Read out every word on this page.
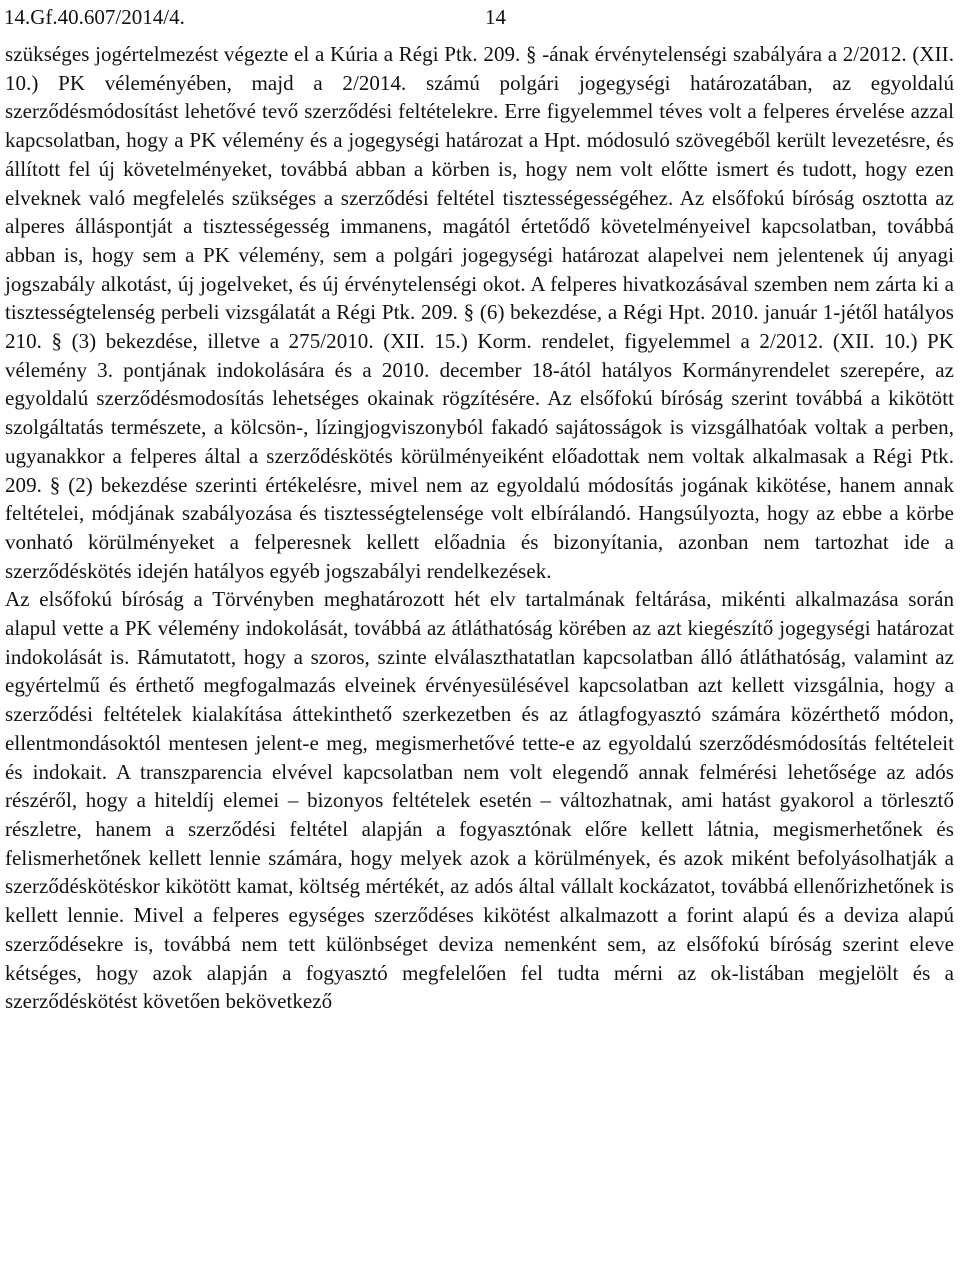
14.Gf.40.607/2014/4.	14

szükséges jogértelmezést végezte el a Kúria a Régi Ptk. 209. § -ának érvénytelenségi szabályára a 2/2012. (XII. 10.) PK véleményében, majd a 2/2014. számú polgári jogegységi határozatában, az egyoldalú szerződésmódosítást lehetővé tevő szerződési feltételekre. Erre figyelemmel téves volt a felperes érvelése azzal kapcsolatban, hogy a PK vélemény és a jogegységi határozat a Hpt. módosuló szövegéből került levezetésre, és állított fel új követelményeket, továbbá abban a körben is, hogy nem volt előtte ismert és tudott, hogy ezen elveknek való megfelelés szükséges a szerződési feltétel tisztességességéhez. Az elsőfokú bíróság osztotta az alperes álláspontját a tisztességesség immanens, magától értetődő követelményeivel kapcsolatban, továbbá abban is, hogy sem a PK vélemény, sem a polgári jogegységi határozat alapelvei nem jelentenek új anyagi jogszabály alkotást, új jogelveket, és új érvénytelenségi okot. A felperes hivatkozásával szemben nem zárta ki a tisztességtelenség perbeli vizsgálatát a Régi Ptk. 209. § (6) bekezdése, a Régi Hpt. 2010. január 1-jétől hatályos 210. § (3) bekezdése, illetve a 275/2010. (XII. 15.) Korm. rendelet, figyelemmel a 2/2012. (XII. 10.) PK vélemény 3. pontjának indokolására és a 2010. december 18-ától hatályos Kormányrendelet szerepére, az egyoldalú szerződésmodosítás lehetséges okainak rögzítésére. Az elsőfokú bíróság szerint továbbá a kikötött szolgáltatás természete, a kölcsön-, lízingjogviszonyból fakadó sajátosságok is vizsgálhatóak voltak a perben, ugyanakkor a felperes által a szerződéskötés körülményeiként előadottak nem voltak alkalmasak a Régi Ptk. 209. § (2) bekezdése szerinti értékelésre, mivel nem az egyoldalú módosítás jogának kikötése, hanem annak feltételei, módjának szabályozása és tisztességtelensége volt elbírálandó. Hangsúlyozta, hogy az ebbe a körbe vonható körülményeket a felperesnek kellett előadnia és bizonyítania, azonban nem tartozhat ide a szerződéskötés idején hatályos egyéb jogszabályi rendelkezések.

Az elsőfokú bíróság a Törvényben meghatározott hét elv tartalmának feltárása, mikénti alkalmazása során alapul vette a PK vélemény indokolását, továbbá az átláthatóság körében az azt kiegészítő jogegységi határozat indokolását is. Rámutatott, hogy a szoros, szinte elválaszthatatlan kapcsolatban álló átláthatóság, valamint az egyértelmű és érthető megfogalmazás elveinek érvényesülésével kapcsolatban azt kellett vizsgálnia, hogy a szerződési feltételek kialakítása áttekinthető szerkezetben és az átlagfogyasztó számára közérthető módon, ellentmondásoktól mentesen jelent-e meg, megismerhetővé tette-e az egyoldalú szerződésmódosítás feltételeit és indokait. A transzparencia elvével kapcsolatban nem volt elegendő annak felmérési lehetősége az adós részéről, hogy a hiteldíj elemei – bizonyos feltételek esetén – változhatnak, ami hatást gyakorol a törlesztő részletre, hanem a szerződési feltétel alapján a fogyasztónak előre kellett látnia, megismerhetőnek és felismerhetőnek kellett lennie számára, hogy melyek azok a körülmények, és azok miként befolyásolhatják a szerződéskötéskor kikötött kamat, költség mértékét, az adós által vállalt kockázatot, továbbá ellenőrizhetőnek is kellett lennie. Mivel a felperes egységes szerződéses kikötést alkalmazott a forint alapú és a deviza alapú szerződésekre is, továbbá nem tett különbséget deviza nemenként sem, az elsőfokú bíróság szerint eleve kétséges, hogy azok alapján a fogyasztó megfelelően fel tudta mérni az ok-listában megjelölt és a szerződéskötést követően bekövetkező
